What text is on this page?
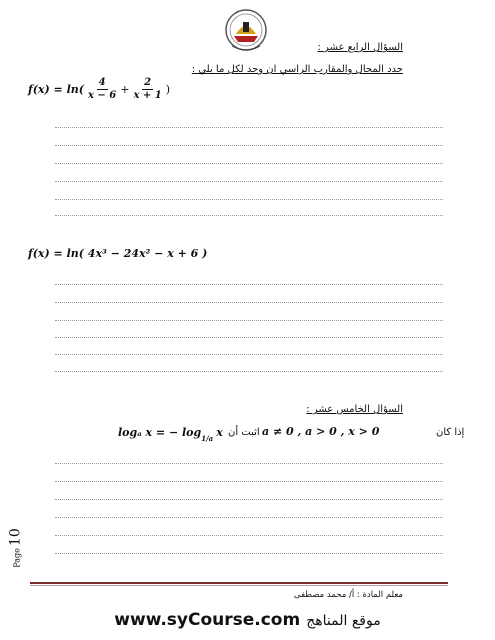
السؤال الرابع عشر :
حدد المجال والمقارب الراسي ان وجد لكل ما يلي :
$f(x) = \ln( \frac{4}{x - 6} + \frac{2}{x + 1}$ )
f(x) = ln( 4x³ − 24x² − x + 6 )
السؤال الخامس عشر :
logₐ x = − log 1/a x اثبت أن a ≠ 0 , a > 0 , x > 0	إذا كان
Page
10
معلم المادة : أ/ محمد مصطفى
www.syCourse.com موقع المناهج
